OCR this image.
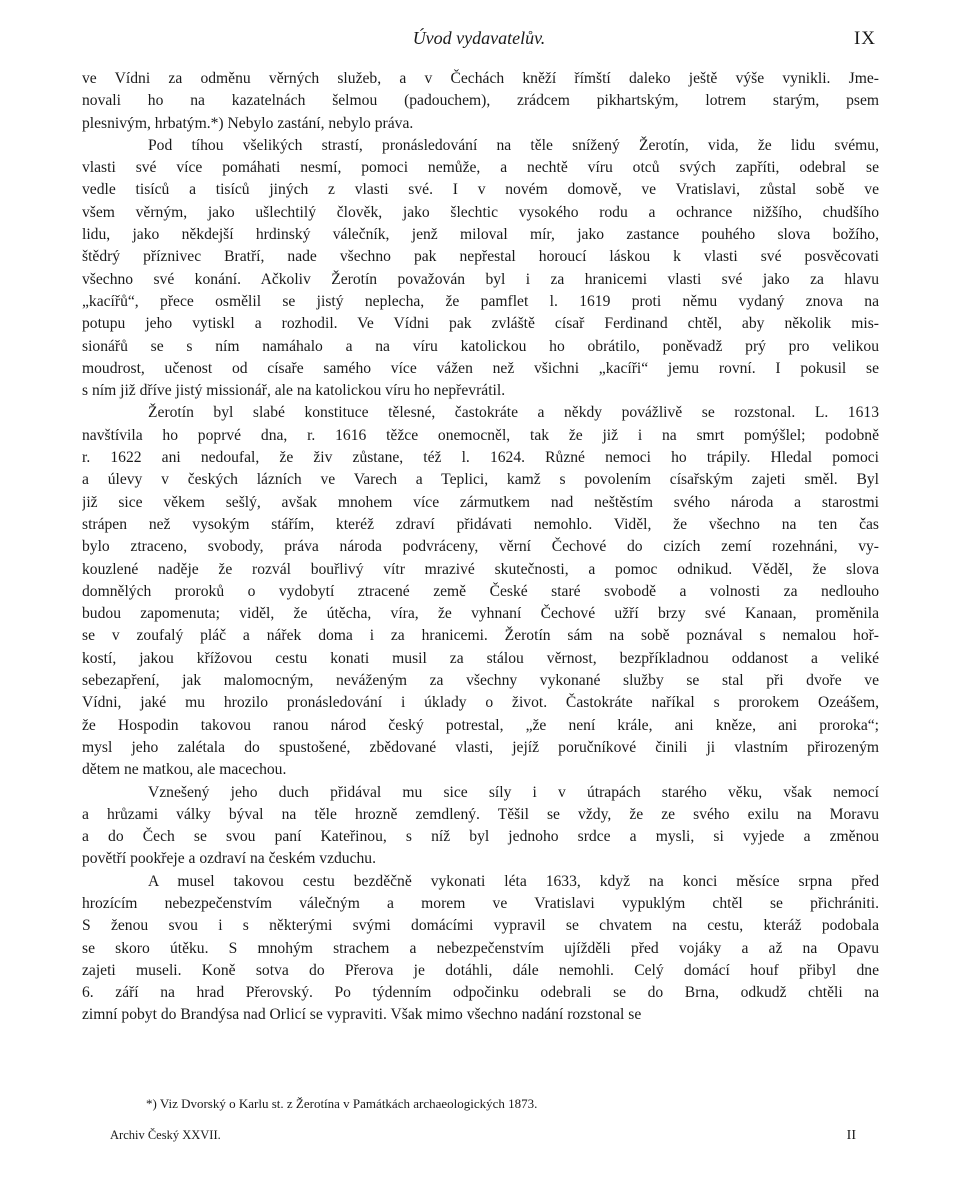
Úvod vydavatelův.	IX
ve Vídni za odměnu věrných služeb, a v Čechách kněží římští daleko ještě výše vynikli. Jme-
novali ho na kazatelnách šelmou (padouchem), zrádcem pikhartským, lotrem starým, psem
plesnivým, hrbatým.*) Nebylo zastání, nebylo práva.
Pod tíhou všelikých strastí, pronásledování na těle snížený Žerotín, vida, že lidu svému,
vlasti své více pomáhati nesmí, pomoci nemůže, a nechtě víru otců svých zapříti, odebral se
vedle tisíců a tisíců jiných z vlasti své. I v novém domově, ve Vratislavi, zůstal sobě ve
všem věrným, jako ušlechtilý člověk, jako šlechtic vysokého rodu a ochrance nižšího, chudšího
lidu, jako někdejší hrdinský válečník, jenž miloval mír, jako zastance pouhého slova božího,
štědrý příznivec Bratří, nade všechno pak nepřestal horoucí láskou k vlasti své posvěcovati
všechno své konání. Ačkoliv Žerotín považován byl i za hranicemi vlasti své jako za hlavu
„kacířů“, přece osmělil se jistý neplecha, že pamflet l. 1619 proti němu vydaný znova na
potupu jeho vytiskl a rozhodil. Ve Vídni pak zvláště císař Ferdinand chtěl, aby několik mis-
sionářů se s ním namáhalo a na víru katolickou ho obrátilo, poněvadž prý pro velikou
moudrost, učenost od císaře samého více vážen než všichni „kacíři“ jemu rovní. I pokusil se
s ním již dříve jistý missionář, ale na katolickou víru ho nepřevrátil.
Žerotín byl slabé konstituce tělesné, častokráte a někdy povážlivě se rozstonal. L. 1613
navštívila ho poprvé dna, r. 1616 těžce onemocněl, tak že již i na smrt pomýšlel; podobně
r. 1622 ani nedoufal, že živ zůstane, též l. 1624. Různé nemoci ho trápily. Hledal pomoci
a úlevy v českých lázních ve Varech a Teplici, kamž s povolením císařským zajeti směl. Byl
již sice věkem sešlý, avšak mnohem více zármutkem nad neštěstím svého národa a starostmi
strápen než vysokým stářím, kteréž zdraví přidávati nemohlo. Viděl, že všechno na ten čas
bylo ztraceno, svobody, práva národa podvráceny, věrní Čechové do cizích zemí rozehnáni, vy-
kouzlené naděje že rozvál bouřlivý vítr mrazivé skutečnosti, a pomoc odnikud. Věděl, že slova
domnělých proroků o vydobytí ztracené země České staré svobodě a volnosti za nedlouho
budou zapomenuta; viděl, že útěcha, víra, že vyhnaní Čechové užří brzy své Kanaan, proměnila
se v zoufalý pláč a nářek doma i za hranicemi. Žerotín sám na sobě poznával s nemalou hoř-
kostí, jakou křížovou cestu konati musil za stálou věrnost, bezpříkladnou oddanost a veliké
sebezapření, jak malomocným, neváženým za všechny vykonané služby se stal při dvoře ve
Vídni, jaké mu hrozilo pronásledování i úklady o život. Častokráte naříkal s prorokem Ozeášem,
že Hospodin takovou ranou národ český potrestal, „že není krále, ani kněze, ani proroka“;
mysl jeho zalétala do spustošené, zbědované vlasti, jejíž poručníkové činili ji vlastním přirozeným
dětem ne matkou, ale macechou.
Vznešený jeho duch přidával mu sice síly i v útrapách starého věku, však nemocí
a hrůzami války býval na těle hrozně zemdlený. Těšil se vždy, že ze svého exilu na Moravu
a do Čech se svou paní Kateřinou, s níž byl jednoho srdce a mysli, si vyjede a změnou
povětří pookřeje a ozdraví na českém vzduchu.
A musel takovou cestu bezděčně vykonati léta 1633, když na konci měsíce srpna před
hrozícím nebezpečenstvím válečným a morem ve Vratislavi vypuklým chtěl se přichrániti.
S ženou svou i s některými svými domácími vypravil se chvatem na cestu, kteráž podobala
se skoro útěku. S mnohým strachem a nebezpečenstvím ujížděli před vojáky a až na Opavu
zajeti museli. Koně sotva do Přerova je dotáhli, dále nemohli. Celý domácí houf přibyl dne
6. září na hrad Přerovský. Po týdenním odpočinku odebrali se do Brna, odkudž chtěli na
zimní pobyt do Brandýsa nad Orlicí se vypraviti. Však mimo všechno nadání rozstonal se
*) Viz Dvorský o Karlu st. z Žerotína v Památkách archaeologických 1873.
Archiv Český XXVII.	II
